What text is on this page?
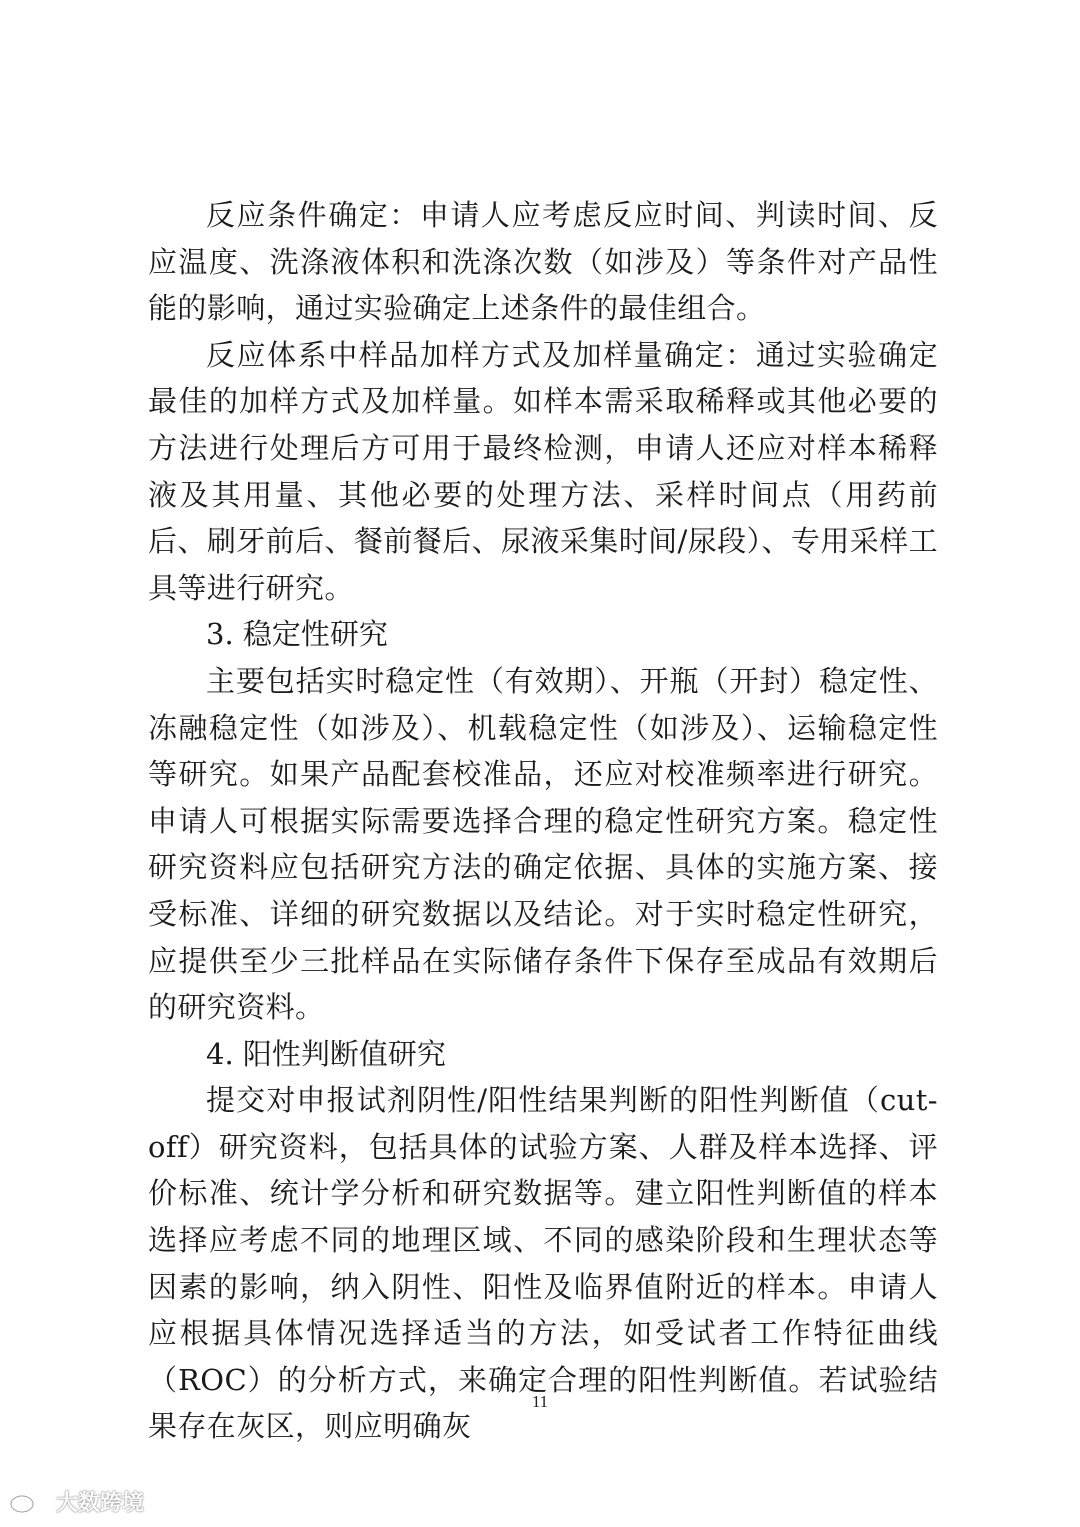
反应条件确定：申请人应考虑反应时间、判读时间、反应温度、洗涤液体积和洗涤次数（如涉及）等条件对产品性能的影响，通过实验确定上述条件的最佳组合。

反应体系中样品加样方式及加样量确定：通过实验确定最佳的加样方式及加样量。如样本需采取稀释或其他必要的方法进行处理后方可用于最终检测，申请人还应对样本稀释液及其用量、其他必要的处理方法、采样时间点（用药前后、刷牙前后、餐前餐后、尿液采集时间/尿段）、专用采样工具等进行研究。

3. 稳定性研究

主要包括实时稳定性（有效期）、开瓶（开封）稳定性、冻融稳定性（如涉及）、机载稳定性（如涉及）、运输稳定性等研究。如果产品配套校准品，还应对校准频率进行研究。申请人可根据实际需要选择合理的稳定性研究方案。稳定性研究资料应包括研究方法的确定依据、具体的实施方案、接受标准、详细的研究数据以及结论。对于实时稳定性研究，应提供至少三批样品在实际储存条件下保存至成品有效期后的研究资料。

4. 阳性判断值研究

提交对申报试剂阴性/阳性结果判断的阳性判断值（cut-off）研究资料，包括具体的试验方案、人群及样本选择、评价标准、统计学分析和研究数据等。建立阳性判断值的样本选择应考虑不同的地理区域、不同的感染阶段和生理状态等因素的影响，纳入阴性、阳性及临界值附近的样本。申请人应根据具体情况选择适当的方法，如受试者工作特征曲线（ROC）的分析方式，来确定合理的阳性判断值。若试验结果存在灰区，则应明确灰

11
大数跨境
